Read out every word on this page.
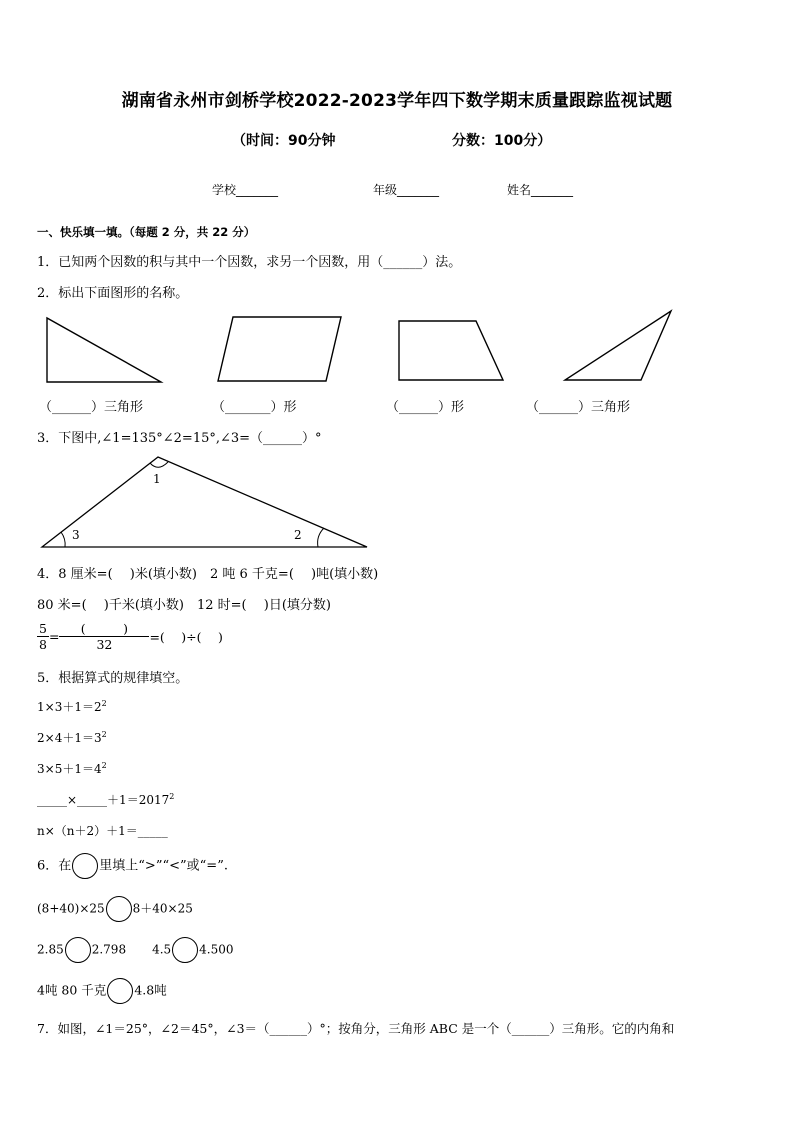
湖南省永州市剑桥学校2022-2023学年四下数学期末质量跟踪监视试题
（时间：90分钟	分数：100分）
学校_______	年级_______	姓名_______
一、快乐填一填。（每题 2 分，共 22 分）
1．已知两个因数的积与其中一个因数，求另一个因数，用（______）法。
2．标出下面图形的名称。
（______）三角形	（_______）形	（______）形	（______）三角形
3．下图中,∠1=135°∠2=15°,∠3=（______）°
1
2
3
4．8 厘米=(　 )米(填小数)　2 吨 6 千克=(　 )吨(填小数)
80 米=(　 )千米(填小数)　12 时=(　 )日(填分数)
$\frac{5}{8} = \frac{( )}{32}$ =(　 )÷(　 )
5．根据算式的规律填空。
$1\times 3+1=2^2$
$2\times 4+1=3^2$
$3\times 5+1=4^2$
$\_\_\_\_\_\times\_\_\_\_\_+1=2017^2$
n×（n＋2）＋1＝_____
6．在 里填上“>”“<”或“=”.
(8+40)×25 8＋40×25
2.85 2.798 4.5 4.500
4吨 80 千克 4.8吨
7．如图，∠1＝25°，∠2＝45°，∠3＝（______）°；按角分，三角形 ABC 是一个（______）三角形。它的内角和
